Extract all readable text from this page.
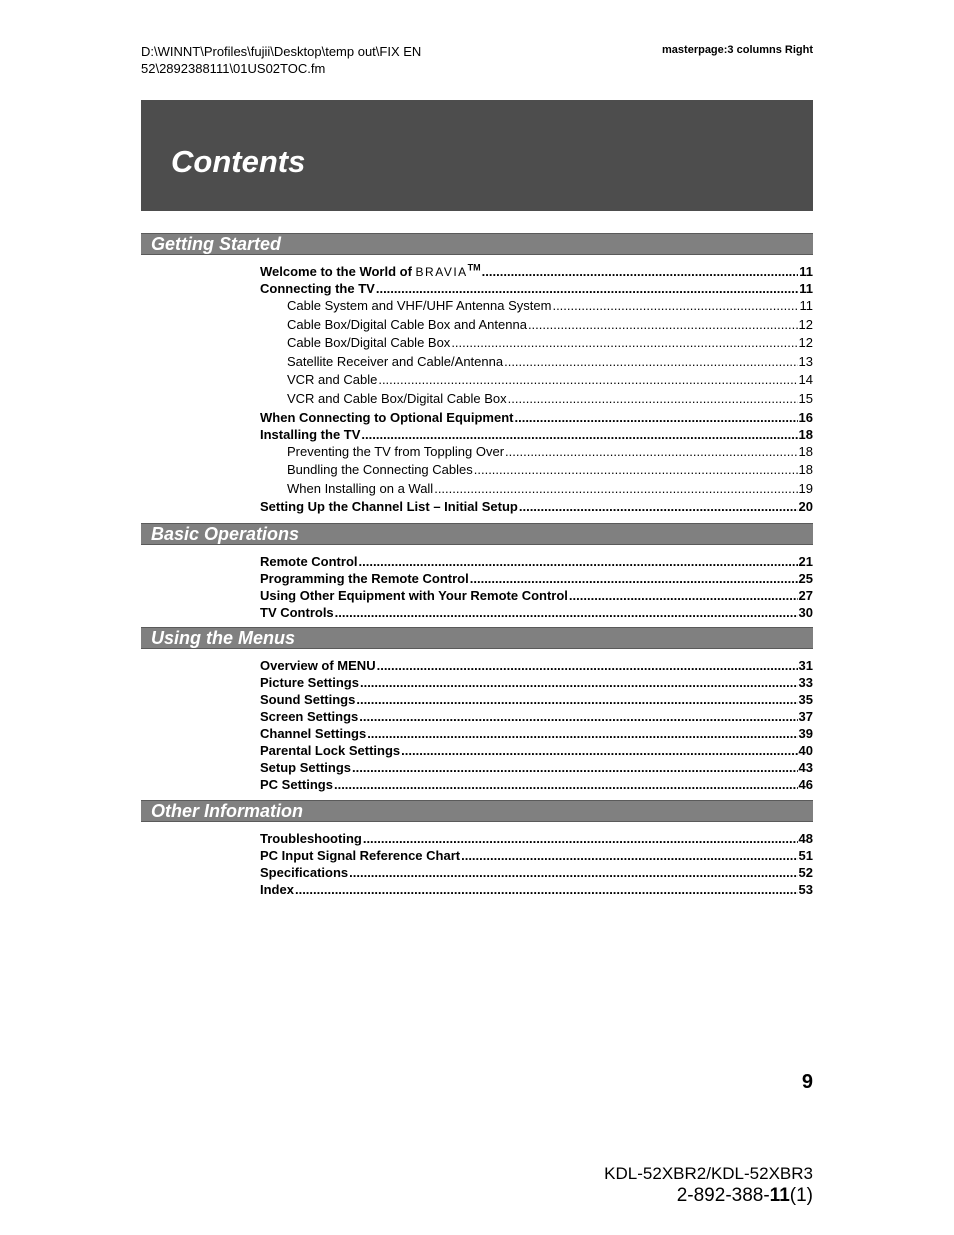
D:\WINNT\Profiles\fujii\Desktop\temp out\FIX EN
52\2892388111\01US02TOC.fm
masterpage:3 columns Right
Contents
Getting Started
Welcome to the World of BRAVIA™ .....	11
Connecting the TV .....	11
Cable System and VHF/UHF Antenna System .....	11
Cable Box/Digital Cable Box and Antenna .....	12
Cable Box/Digital Cable Box .....	12
Satellite Receiver and Cable/Antenna .....	13
VCR and Cable .....	14
VCR and Cable Box/Digital Cable Box .....	15
When Connecting to Optional Equipment .....	16
Installing the TV .....	18
Preventing the TV from Toppling Over .....	18
Bundling the Connecting Cables .....	18
When Installing on a Wall .....	19
Setting Up the Channel List – Initial Setup .....	20
Basic Operations
Remote Control .....	21
Programming the Remote Control .....	25
Using Other Equipment with Your Remote Control .....	27
TV Controls .....	30
Using the Menus
Overview of MENU .....	31
Picture Settings .....	33
Sound Settings .....	35
Screen Settings .....	37
Channel Settings .....	39
Parental Lock Settings .....	40
Setup Settings .....	43
PC Settings .....	46
Other Information
Troubleshooting .....	48
PC Input Signal Reference Chart .....	51
Specifications .....	52
Index .....	53
9
KDL-52XBR2/KDL-52XBR3
2-892-388-11(1)
